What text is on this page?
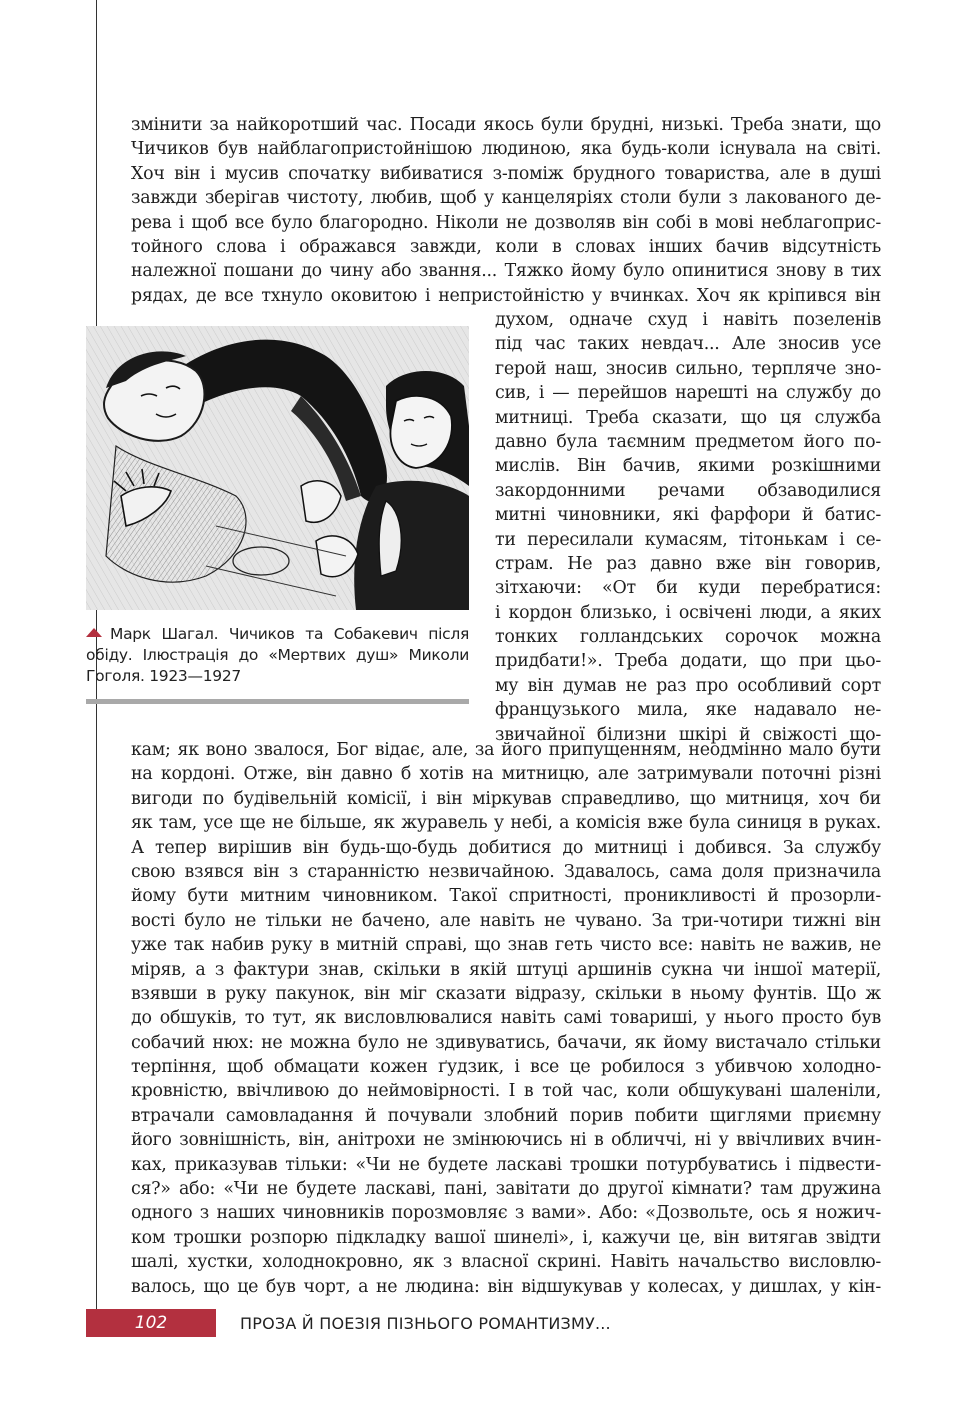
змінити за найкоротший час. Посади якось були брудні, низькі. Треба знати, що
Чичиков був найблагопристойнішою людиною, яка будь-коли існувала на світі.
Хоч він і мусив спочатку вибиватися з-поміж брудного товариства, але в душі
завжди зберігав чистоту, любив, щоб у канцеляріях столи були з лакованого де-
рева і щоб все було благородно. Ніколи не дозволяв він собі в мові неблагоприс-
тойного слова і ображався завжди, коли в словах інших бачив відсутність
належної пошани до чину або звання... Тяжко йому було опинитися знову в тих
рядах, де все тхнуло оковитою і непристойністю у вчинках. Хоч як кріпився він
духом, одначе схуд і навіть позеленів
під час таких невдач... Але зносив усе
герой наш, зносив сильно, терпляче зно-
сив, і — перейшов нарешті на службу до
митниці. Треба сказати, що ця служба
давно була таємним предметом його по-
мислів. Він бачив, якими розкішними
закордонними речами обзаводилися
митні чиновники, які фарфори й батис-
ти пересилали кумасям, тітонькам і се-
страм. Не раз давно вже він говорив,
зітхаючи: «От би куди перебратися:
і кордон близько, і освічені люди, а яких
тонких голландських сорочок можна
придбати!». Треба додати, що при цьо-
му він думав не раз про особливий сорт
французького мила, яке надавало не-
звичайної білизни шкірі й свіжості що-
Марк Шагал. Чичиков та Собакевич після
обіду. Ілюстрація до «Мертвих душ» Миколи
Гоголя. 1923—1927
кам; як воно звалося, Бог відає, але, за його припущенням, неодмінно мало бути
на кордоні. Отже, він давно б хотів на митницю, але затримували поточні різні
вигоди по будівельній комісії, і він міркував справедливо, що митниця, хоч би
як там, усе ще не більше, як журавель у небі, а комісія вже була синиця в руках.
А тепер вирішив він будь-що-будь добитися до митниці і добився. За службу
свою взявся він з старанністю незвичайною. Здавалось, сама доля призначила
йому бути митним чиновником. Такої спритності, проникливості й прозорли-
вості було не тільки не бачено, але навіть не чувано. За три-чотири тижні він
уже так набив руку в митній справі, що знав геть чисто все: навіть не важив, не
міряв, а з фактури знав, скільки в якій штуці аршинів сукна чи іншої матерії,
взявши в руку пакунок, він міг сказати відразу, скільки в ньому фунтів. Що ж
до обшуків, то тут, як висловлювалися навіть самі товариші, у нього просто був
собачий нюх: не можна було не здивуватись, бачачи, як йому вистачало стільки
терпіння, щоб обмацати кожен ґудзик, і все це робилося з убивчою холодно-
кровністю, ввічливою до неймовірності. І в той час, коли обшукувані шаленіли,
втрачали самовладання й почували злобний порив побити щиглями приємну
його зовнішність, він, анітрохи не змінюючись ні в обличчі, ні у ввічливих вчин-
ках, приказував тільки: «Чи не будете ласкаві трошки потурбуватись і підвести-
ся?» або: «Чи не будете ласкаві, пані, завітати до другої кімнати? там дружина
одного з наших чиновників порозмовляє з вами». Або: «Дозвольте, ось я ножич-
ком трошки розпорю підкладку вашої шинелі», і, кажучи це, він витягав звідти
шалі, хустки, холоднокровно, як з власної скрині. Навіть начальство висловлю-
валось, що це був чорт, а не людина: він відшукував у колесах, у дишлах, у кін-
102	ПРОЗА Й ПОЕЗІЯ ПІЗНЬОГО РОМАНТИЗМУ...
